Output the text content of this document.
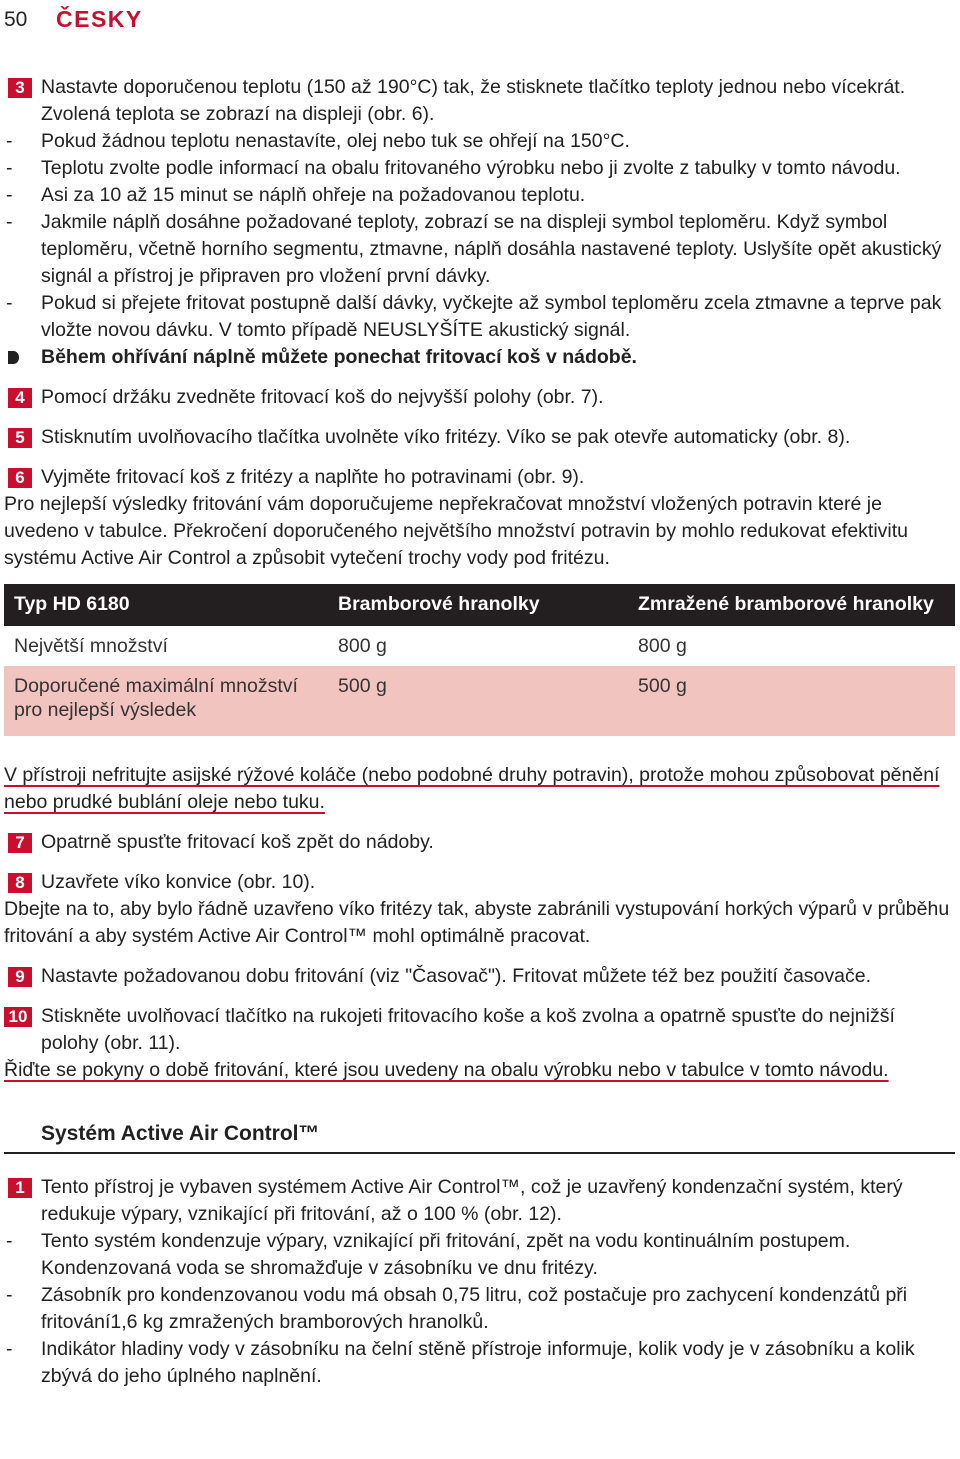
50 ČESKY
3 Nastavte doporučenou teplotu (150 až 190°C) tak, že stisknete tlačítko teploty jednou nebo vícekrát. Zvolená teplota se zobrazí na displeji (obr. 6).
-	Pokud žádnou teplotu nenastavíte, olej nebo tuk se ohřejí na 150°C.
-	Teplotu zvolte podle informací na obalu fritovaného výrobku nebo ji zvolte z tabulky v tomto návodu.
-	Asi za 10 až 15 minut se náplň ohřeje na požadovanou teplotu.
-	Jakmile náplň dosáhne požadované teploty, zobrazí se na displeji symbol teploměru. Když symbol teploměru, včetně horního segmentu, ztmavne, náplň dosáhla nastavené teploty. Uslyšíte opět akustický signál a přístroj je připraven pro vložení první dávky.
-	Pokud si přejete fritovat postupně další dávky, vyčkejte až symbol teploměru zcela ztmavne a teprve pak vložte novou dávku. V tomto případě NEUSLYŠÍTE akustický signál.
Během ohřívání náplně můžete ponechat fritovací koš v nádobě.
4 Pomocí držáku zvedněte fritovací koš do nejvyšší polohy (obr. 7).
5 Stisknutím uvolňovacího tlačítka uvolněte víko fritézy. Víko se pak otevře automaticky (obr. 8).
6 Vyjměte fritovací koš z fritézy a naplňte ho potravinami (obr. 9).
Pro nejlepší výsledky fritování vám doporučujeme nepřekračovat množství vložených potravin které je uvedeno v tabulce. Překročení doporučeného největšího množství potravin by mohlo redukovat efektivitu systému Active Air Control a způsobit vytečení trochy vody pod fritézu.
Typ HD 6180	Bramborové hranolky	Zmražené bramborové hranolky
Největší množství	800 g	800 g
Doporučené maximální množství pro nejlepší výsledek	500 g	500 g
V přístroji nefritujte asijské rýžové koláče (nebo podobné druhy potravin), protože mohou způsobovat pěnění nebo prudké bublání oleje nebo tuku.
7 Opatrně spusťte fritovací koš zpět do nádoby.
8 Uzavřete víko konvice (obr. 10).
Dbejte na to, aby bylo řádně uzavřeno víko fritézy tak, abyste zabránili vystupování horkých výparů v průběhu fritování a aby systém Active Air Control™ mohl optimálně pracovat.
9 Nastavte požadovanou dobu fritování (viz "Časovač"). Fritovat můžete též bez použití časovače.
10 Stiskněte uvolňovací tlačítko na rukojeti fritovacího koše a koš zvolna a opatrně spusťte do nejnižší polohy (obr. 11).
Řiďte se pokyny o době fritování, které jsou uvedeny na obalu výrobku nebo v tabulce v tomto návodu.
Systém Active Air Control™
1 Tento přístroj je vybaven systémem Active Air Control™, což je uzavřený kondenzační systém, který redukuje výpary, vznikající při fritování, až o 100 % (obr. 12).
-	Tento systém kondenzuje výpary, vznikající při fritování, zpět na vodu kontinuálním postupem. Kondenzovaná voda se shromažďuje v zásobníku ve dnu fritézy.
-	Zásobník pro kondenzovanou vodu má obsah 0,75 litru, což postačuje pro zachycení kondenzátů při fritování1,6 kg zmražených bramborových hranolků.
-	Indikátor hladiny vody v zásobníku na čelní stěně přístroje informuje, kolik vody je v zásobníku a kolik zbývá do jeho úplného naplnění.
